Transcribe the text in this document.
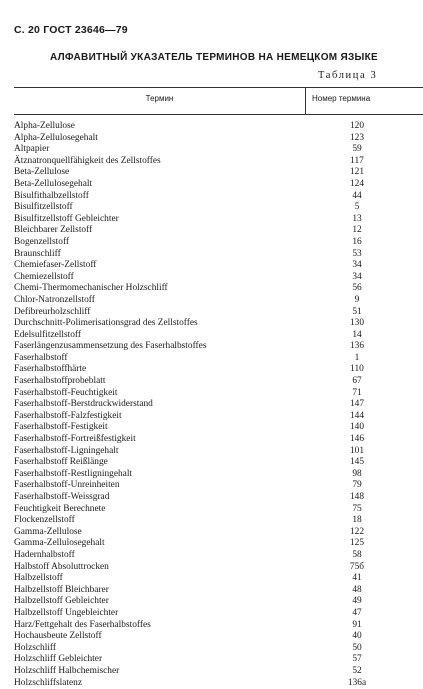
С. 20 ГОСТ 23646—79
АЛФАВИТНЫЙ УКАЗАТЕЛЬ ТЕРМИНОВ НА НЕМЕЦКОМ ЯЗЫКЕ
Таблица 3
Термин	Номер термина
Alpha-Zellulose	120
Alpha-Zellulosegehalt	123
Altpapier	59
Ätznatronquellfähigkeit des Zellstoffes	117
Beta-Zellulose	121
Beta-Zellulosegehalt	124
Bisulfithalbzellstoff	44
Bisulfitzellstoff	5
Bisulfitzellstoff Gebleichter	13
Bleichbarer Zellstoff	12
Bogenzellstoff	16
Braunschliff	53
Chemiefaser-Zellstoff	34
Chemiezellstoff	34
Chemi-Thermomechanischer Holzschliff	56
Chlor-Natronzellstoff	9
Defibreurholzschliff	51
Durchschnitt-Polimerisationsgrad des Zellstoffes	130
Edelsulfitzellstoff	14
Faserlängenzusammensetzung des Faserhalbstoffes	136
Faserhalbstoff	1
Faserhalbstoffhärte	110
Faserhalbstoffprobeblatt	67
Faserhalbstoff-Feuchtigkeit	71
Faserhalbstoff-Berstdruckwiderstand	147
Faserhalbstoff-Falzfestigkeit	144
Faserhalbstoff-Festigkeit	140
Faserhalbstoff-Fortreißfestigkeit	146
Faserhalbstoff-Ligningehalt	101
Faserhalbstoff Reißlänge	145
Faserhalbstoff-Restligningehalt	98
Faserhalbstoff-Unreinheiten	79
Faserhalbstoff-Weissgrad	148
Feuchtigkeit Berechnete	75
Flockenzellstoff	18
Gamma-Zellulose	122
Gamma-Zellulosegehalt	125
Hadernhalbstoff	58
Halbstoff Absoluttrocken	75б
Halbzellstoff	41
Halbzellstoff Bleichbarer	48
Halbzellstoff Gebleichter	49
Halbzellstoff Ungebleichter	47
Harz/Fettgehalt des Faserhalbstoffes	91
Hochausbeute Zellstoff	40
Holzschliff	50
Holzschliff Gebleichter	57
Holzschliff Halbchemischer	52
Holzschliffslatenz	136а
